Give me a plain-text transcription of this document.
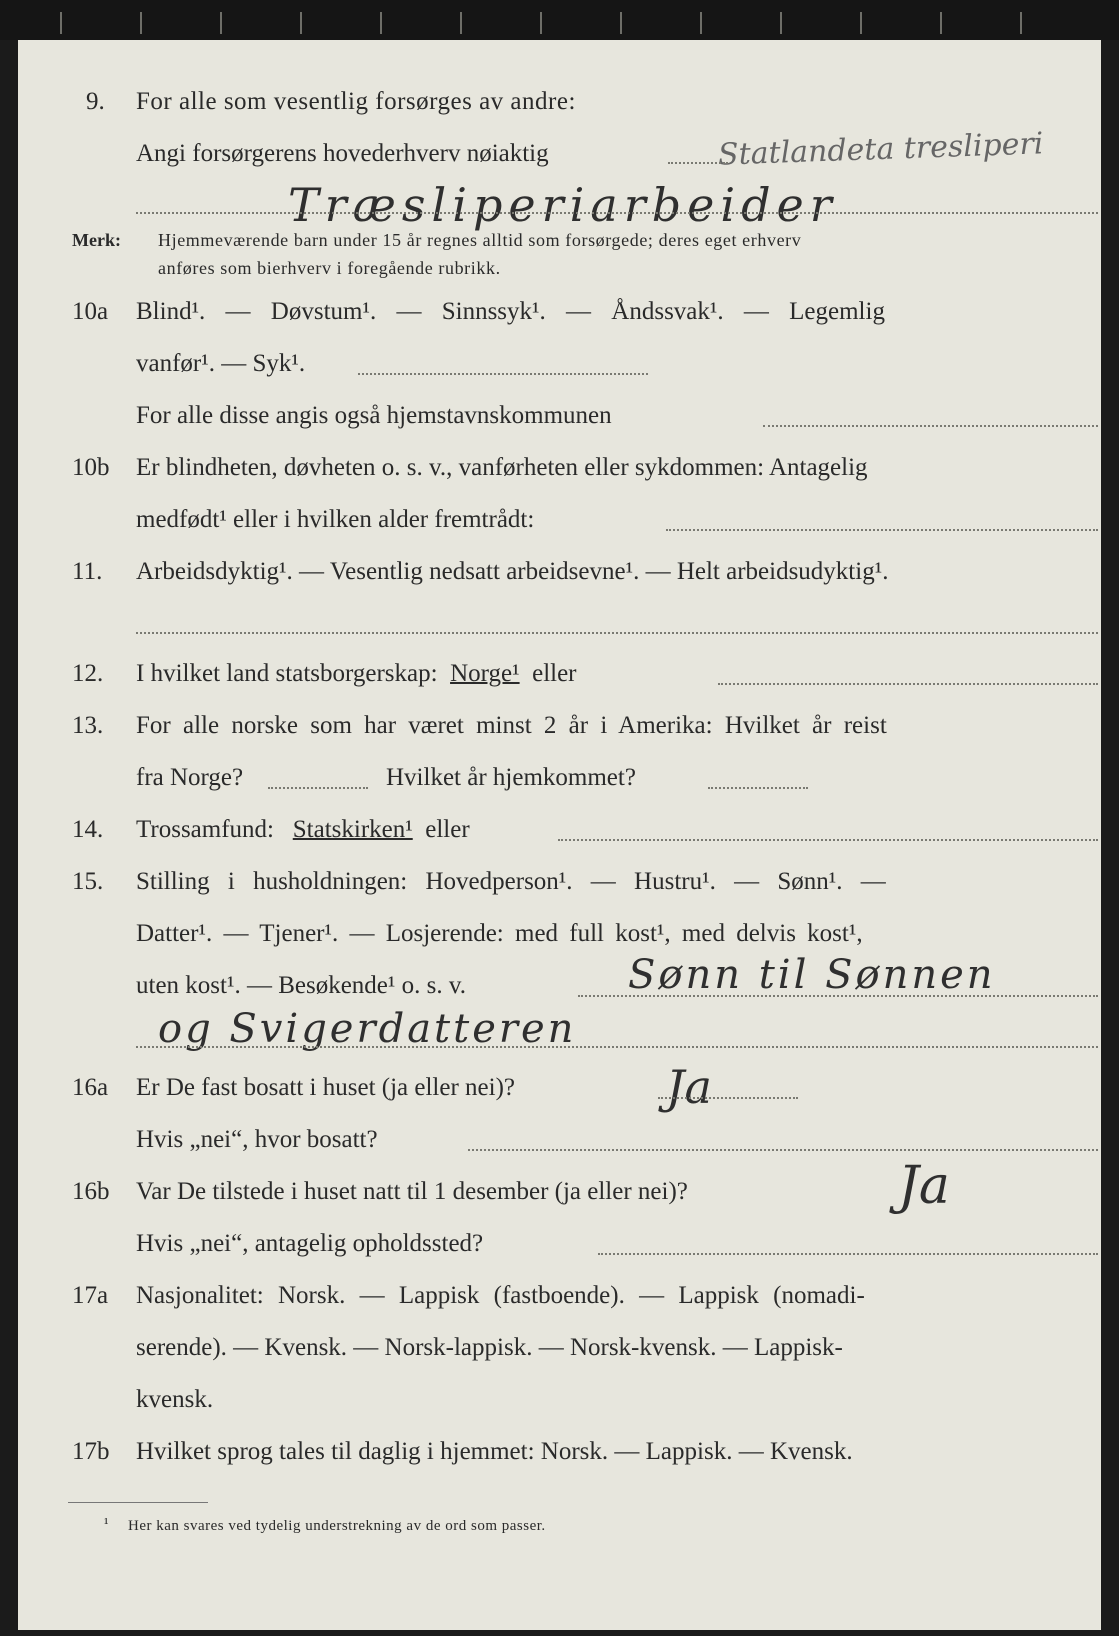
9. For alle som vesentlig forsørges av andre:
Statlandeta tresliperi
Angi forsørgerens hovederhverv nøiaktig
Træsliperiarbeider
Merk: Hjemmeværende barn under 15 år regnes alltid som forsørgede; deres eget erhverv
anføres som bierhverv i foregående rubrikk.
10a Blind¹. — Døvstum¹. — Sinnssyk¹. — Åndssvak¹. — Legemlig
vanfør¹. — Syk¹.
For alle disse angis også hjemstavnskommunen
10b Er blindheten, døvheten o. s. v., vanførheten eller sykdommen: Antagelig
medfødt¹ eller i hvilken alder fremtrådt:
11. Arbeidsdyktig¹. — Vesentlig nedsatt arbeidsevne¹. — Helt arbeidsudyktig¹.
12. I hvilket land statsborgerskap: Norge¹ eller
13. For alle norske som har været minst 2 år i Amerika: Hvilket år reist
fra Norge?	Hvilket år hjemkommet?
14. Trossamfund: Statskirken¹ eller
15. Stilling i husholdningen: Hovedperson¹. — Hustru¹. — Sønn¹. —
Datter¹. — Tjener¹. — Losjerende: med full kost¹, med delvis kost¹,
uten kost¹. — Besøkende¹ o. s. v.	Sønn til Sønnen
og Svigerdatteren
16a Er De fast bosatt i huset (ja eller nei)?	Ja
Hvis „nei“, hvor bosatt?
16b Var De tilstede i huset natt til 1 desember (ja eller nei)?	Ja
Hvis „nei“, antagelig opholdssted?
17a Nasjonalitet: Norsk. — Lappisk (fastboende). — Lappisk (nomadi-
serende). — Kvensk. — Norsk-lappisk. — Norsk-kvensk. — Lappisk-
kvensk.
17b Hvilket sprog tales til daglig i hjemmet: Norsk. — Lappisk. — Kvensk.
¹ Her kan svares ved tydelig understrekning av de ord som passer.
